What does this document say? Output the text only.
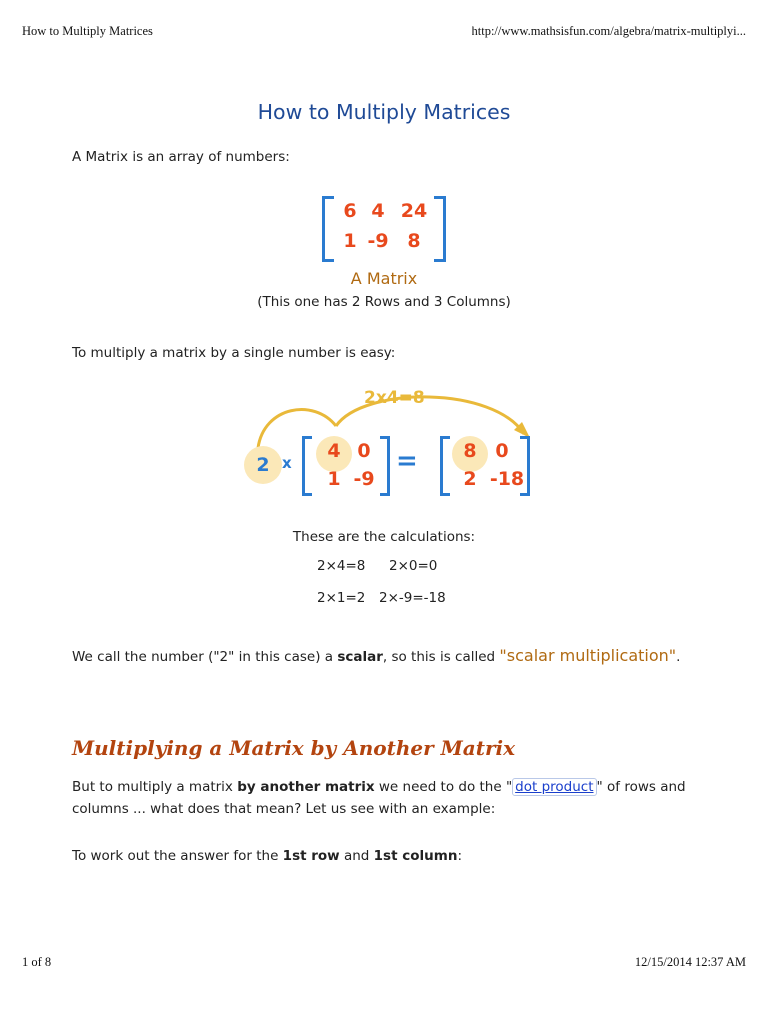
How to Multiply Matrices	http://www.mathsisfun.com/algebra/matrix-multiplyi...
How to Multiply Matrices

A Matrix is an array of numbers:

6 4 24
1 -9 8
A Matrix
(This one has 2 Rows and 3 Columns)

To multiply a matrix by a single number is easy:

2x4=8
2 x
4 0
1 -9
=	8 0
2 -18
These are the calculations:
2×4=8 2×0=0
2×1=2 2×-9=-18

We call the number ("2" in this case) a scalar, so this is called "scalar multiplication".

Multiplying a Matrix by Another Matrix

But to multiply a matrix by another matrix we need to do the " dot product " of rows and columns ... what does that mean? Let us see with an example:

To work out the answer for the 1st row and 1st column:

1 of 8	12/15/2014 12:37 AM
